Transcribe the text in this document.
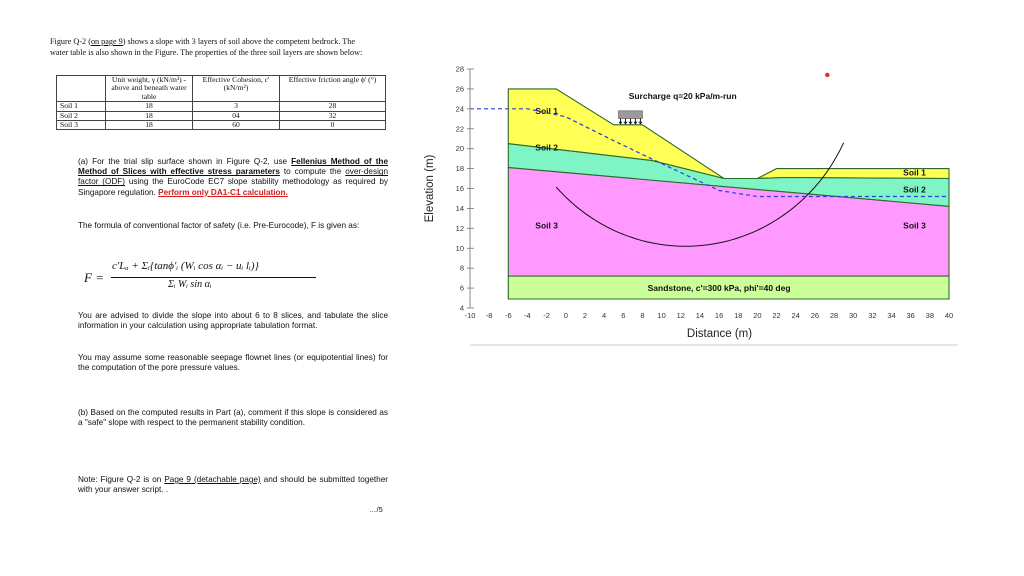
Figure Q-2 (on page 9) shows a slope with 3 layers of soil above the competent bedrock. The
water table is also shown in the Figure. The properties of the three soil layers are shown below:
	Unit weight, γ (kN/m³) - above and beneath water table	Effective Cohesion, c' (kN/m²)	Effective friction angle ϕ' (°)
Soil 1	18	3	28
Soil 2	18	04	32
Soil 3	18	60	0
(a) For the trial slip surface shown in Figure Q-2, use Fellenius Method of the Method of Slices with effective stress parameters to compute the over-design factor (ODF) using the EuroCode EC7 slope stability methodology as required by Singapore regulation. Perform only DA1-C1 calculation.
The formula of conventional factor of safety (i.e. Pre-Eurocode), F is given as:
F =
c′Lₐ + Σᵢ{tanϕ′ᵢ (Wᵢ cos αᵢ − uᵢ lᵢ)}
Σᵢ Wᵢ sin αᵢ
You are advised to divide the slope into about 6 to 8 slices, and tabulate the slice information in your calculation using appropriate tabulation format.
You may assume some reasonable seepage flownet lines (or equipotential lines) for the computation of the pore pressure values.
(b) Based on the computed results in Part (a), comment if this slope is considered as a "safe" slope with respect to the permanent stability condition.
Note: Figure Q-2 is on Page 9 (detachable page) and should be submitted together with your answer script. .
…/5
Soil 1
Soil 2
Soil 3
Soil 1
Soil 2
Soil 3
Sandstone, c'=300 kPa, phi'=40 deg
Surcharge q=20 kPa/m-run
4
6
8
10
12
14
16
18
20
22
24
26
28
-10 -8 -6 -4 -2 0 2 4 6 8 10 12 14 16 18 20 22 24 26 28 30 32 34 36 38 40
Distance (m)
Elevation (m)
